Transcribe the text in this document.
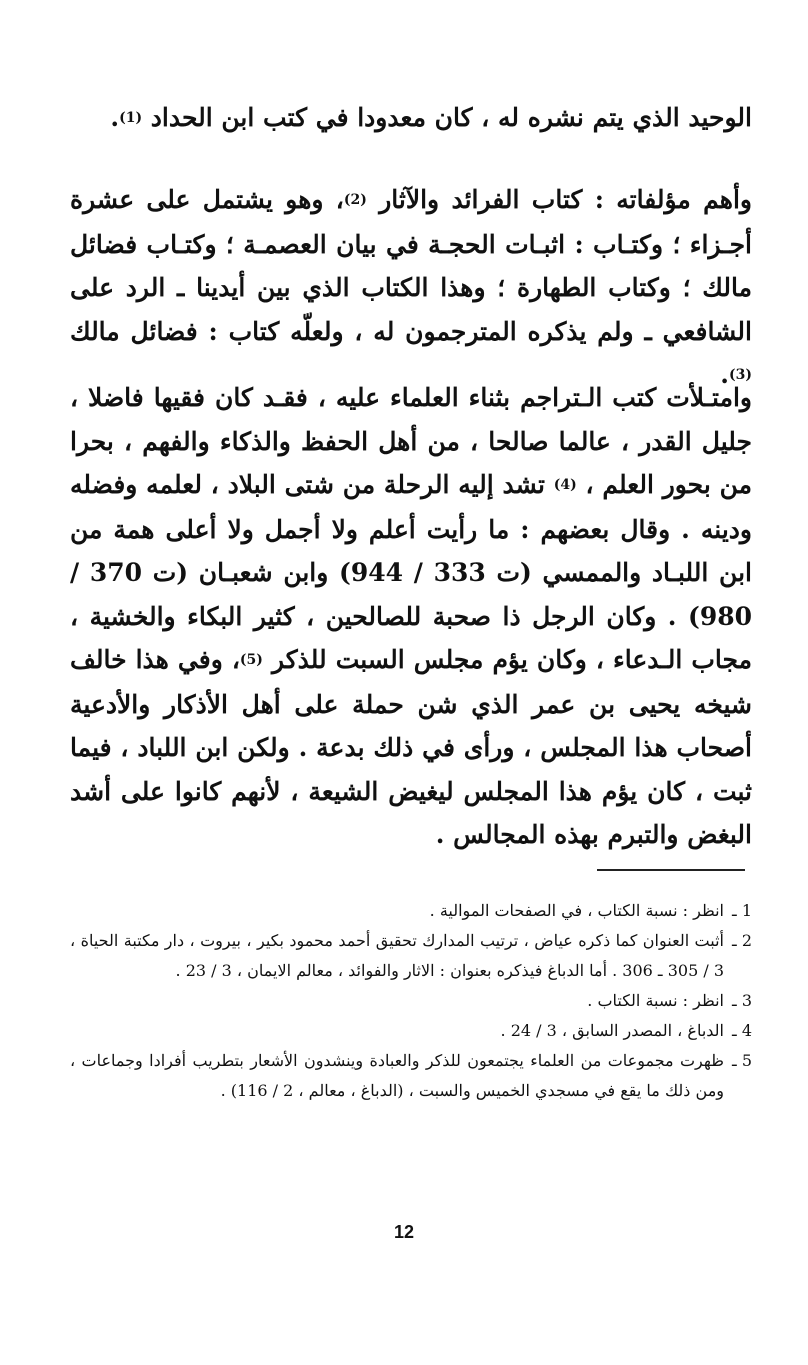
الوحيد الذي يتم نشره له ، كان معدودا في كتب ابن الحداد (1).

وأهم مؤلفاته : كتاب الفرائد والآثار (2)، وهو يشتمل على عشرة أجـزاء ؛ وكتـاب : اثبـات الحجـة في بيان العصمـة ؛ وكتـاب فضائل مالك ؛ وكتاب الطهارة ؛ وهذا الكتاب الذي بين أيدينا ـ الرد على الشافعي ـ ولم يذكره المترجمون له ، ولعلّه كتاب : فضائل مالك (3).

وامتـلأت كتب الـتراجم بثناء العلماء عليه ، فقـد كان فقيها فاضلا ، جليل القدر ، عالما صالحا ، من أهل الحفظ والذكاء والفهم ، بحرا من بحور العلم ، (4) تشد إليه الرحلة من شتى البلاد ، لعلمه وفضله ودينه . وقال بعضهم : ما رأيت أعلم ولا أجمل ولا أعلى همة من ابن اللبـاد والممسي (ت 333 / 944) وابن شعبـان (ت 370 / 980) . وكان الرجل ذا صحبة للصالحين ، كثير البكاء والخشية ، مجاب الـدعاء ، وكان يؤم مجلس السبت للذكر (5)، وفي هذا خالف شيخه يحيى بن عمر الذي شن حملة على أهل الأذكار والأدعية أصحاب هذا المجلس ، ورأى في ذلك بدعة . ولكن ابن اللباد ، فيما ثبت ، كان يؤم هذا المجلس ليغيض الشيعة ، لأنهم كانوا على أشد البغض والتبرم بهذه المجالس .

1 ـ
انظر : نسبة الكتاب ، في الصفحات الموالية .
2 ـ
أثبت العنوان كما ذكره عياض ، ترتيب المدارك تحقيق أحمد محمود بكير ، بيروت ، دار مكتبة الحياة ، 3 / 305 ـ 306 . أما الدباغ فيذكره بعنوان : الاثار والفوائد ، معالم الايمان ، 3 / 23 .
3 ـ
انظر : نسبة الكتاب .
4 ـ
الدباغ ، المصدر السابق ، 3 / 24 .
5 ـ
ظهرت مجموعات من العلماء يجتمعون للذكر والعبادة وينشدون الأشعار بتطريب أفرادا وجماعات ، ومن ذلك ما يقع في مسجدي الخميس والسبت ، (الدباغ ، معالم ، 2 / 116) .
12
